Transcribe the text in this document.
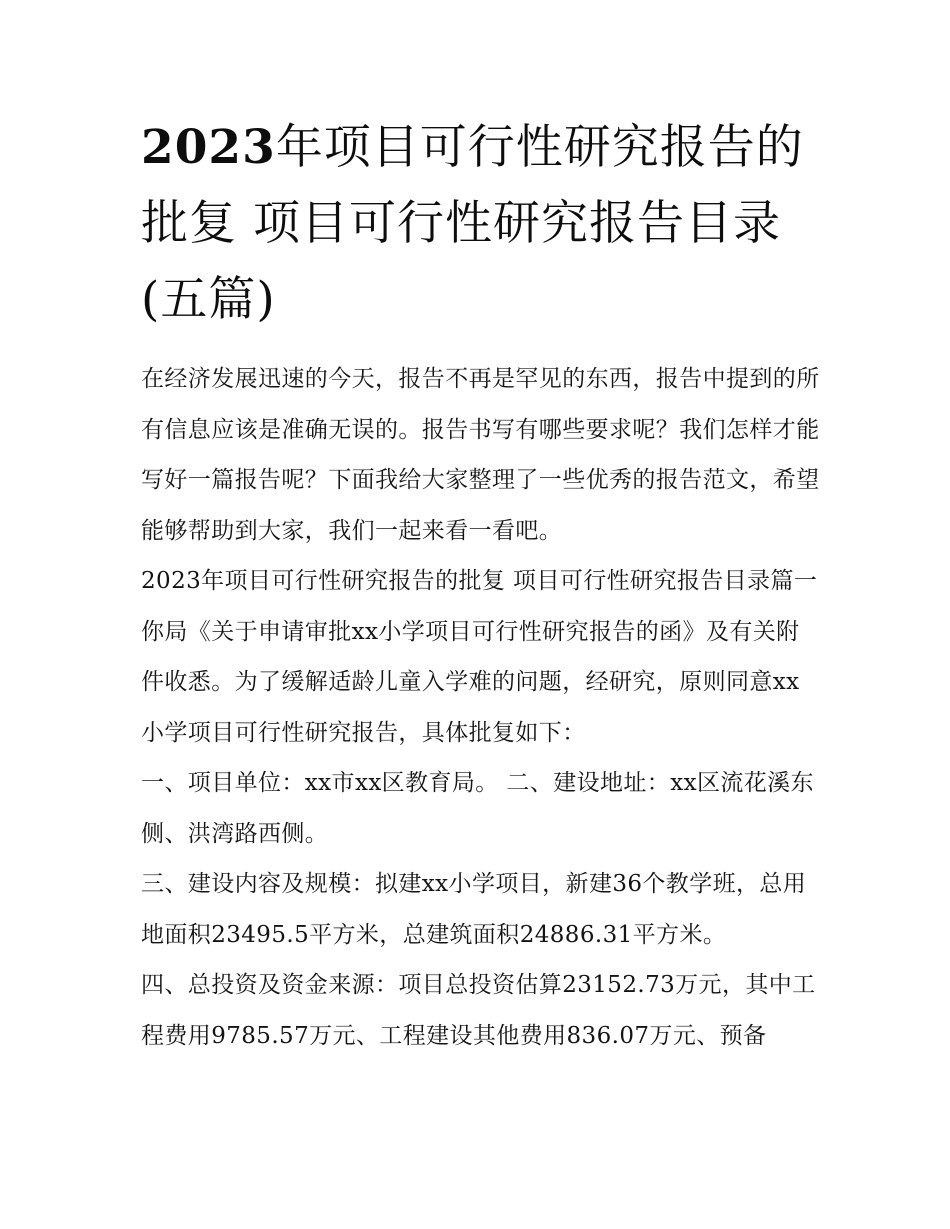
2023年项目可行性研究报告的批复 项目可行性研究报告目录(五篇)

在经济发展迅速的今天，报告不再是罕见的东西，报告中提到的所有信息应该是准确无误的。报告书写有哪些要求呢？我们怎样才能写好一篇报告呢？下面我给大家整理了一些优秀的报告范文，希望能够帮助到大家，我们一起来看一看吧。

2023年项目可行性研究报告的批复 项目可行性研究报告目录篇一

你局《关于申请审批xx小学项目可行性研究报告的函》及有关附件收悉。为了缓解适龄儿童入学难的问题，经研究，原则同意xx小学项目可行性研究报告，具体批复如下：

一、项目单位：xx市xx区教育局。 二、建设地址：xx区流花溪东侧、洪湾路西侧。

三、建设内容及规模：拟建xx小学项目，新建36个教学班，总用地面积23495.5平方米，总建筑面积24886.31平方米。

四、总投资及资金来源：项目总投资估算23152.73万元，其中工程费用9785.57万元、工程建设其他费用836.07万元、预备
